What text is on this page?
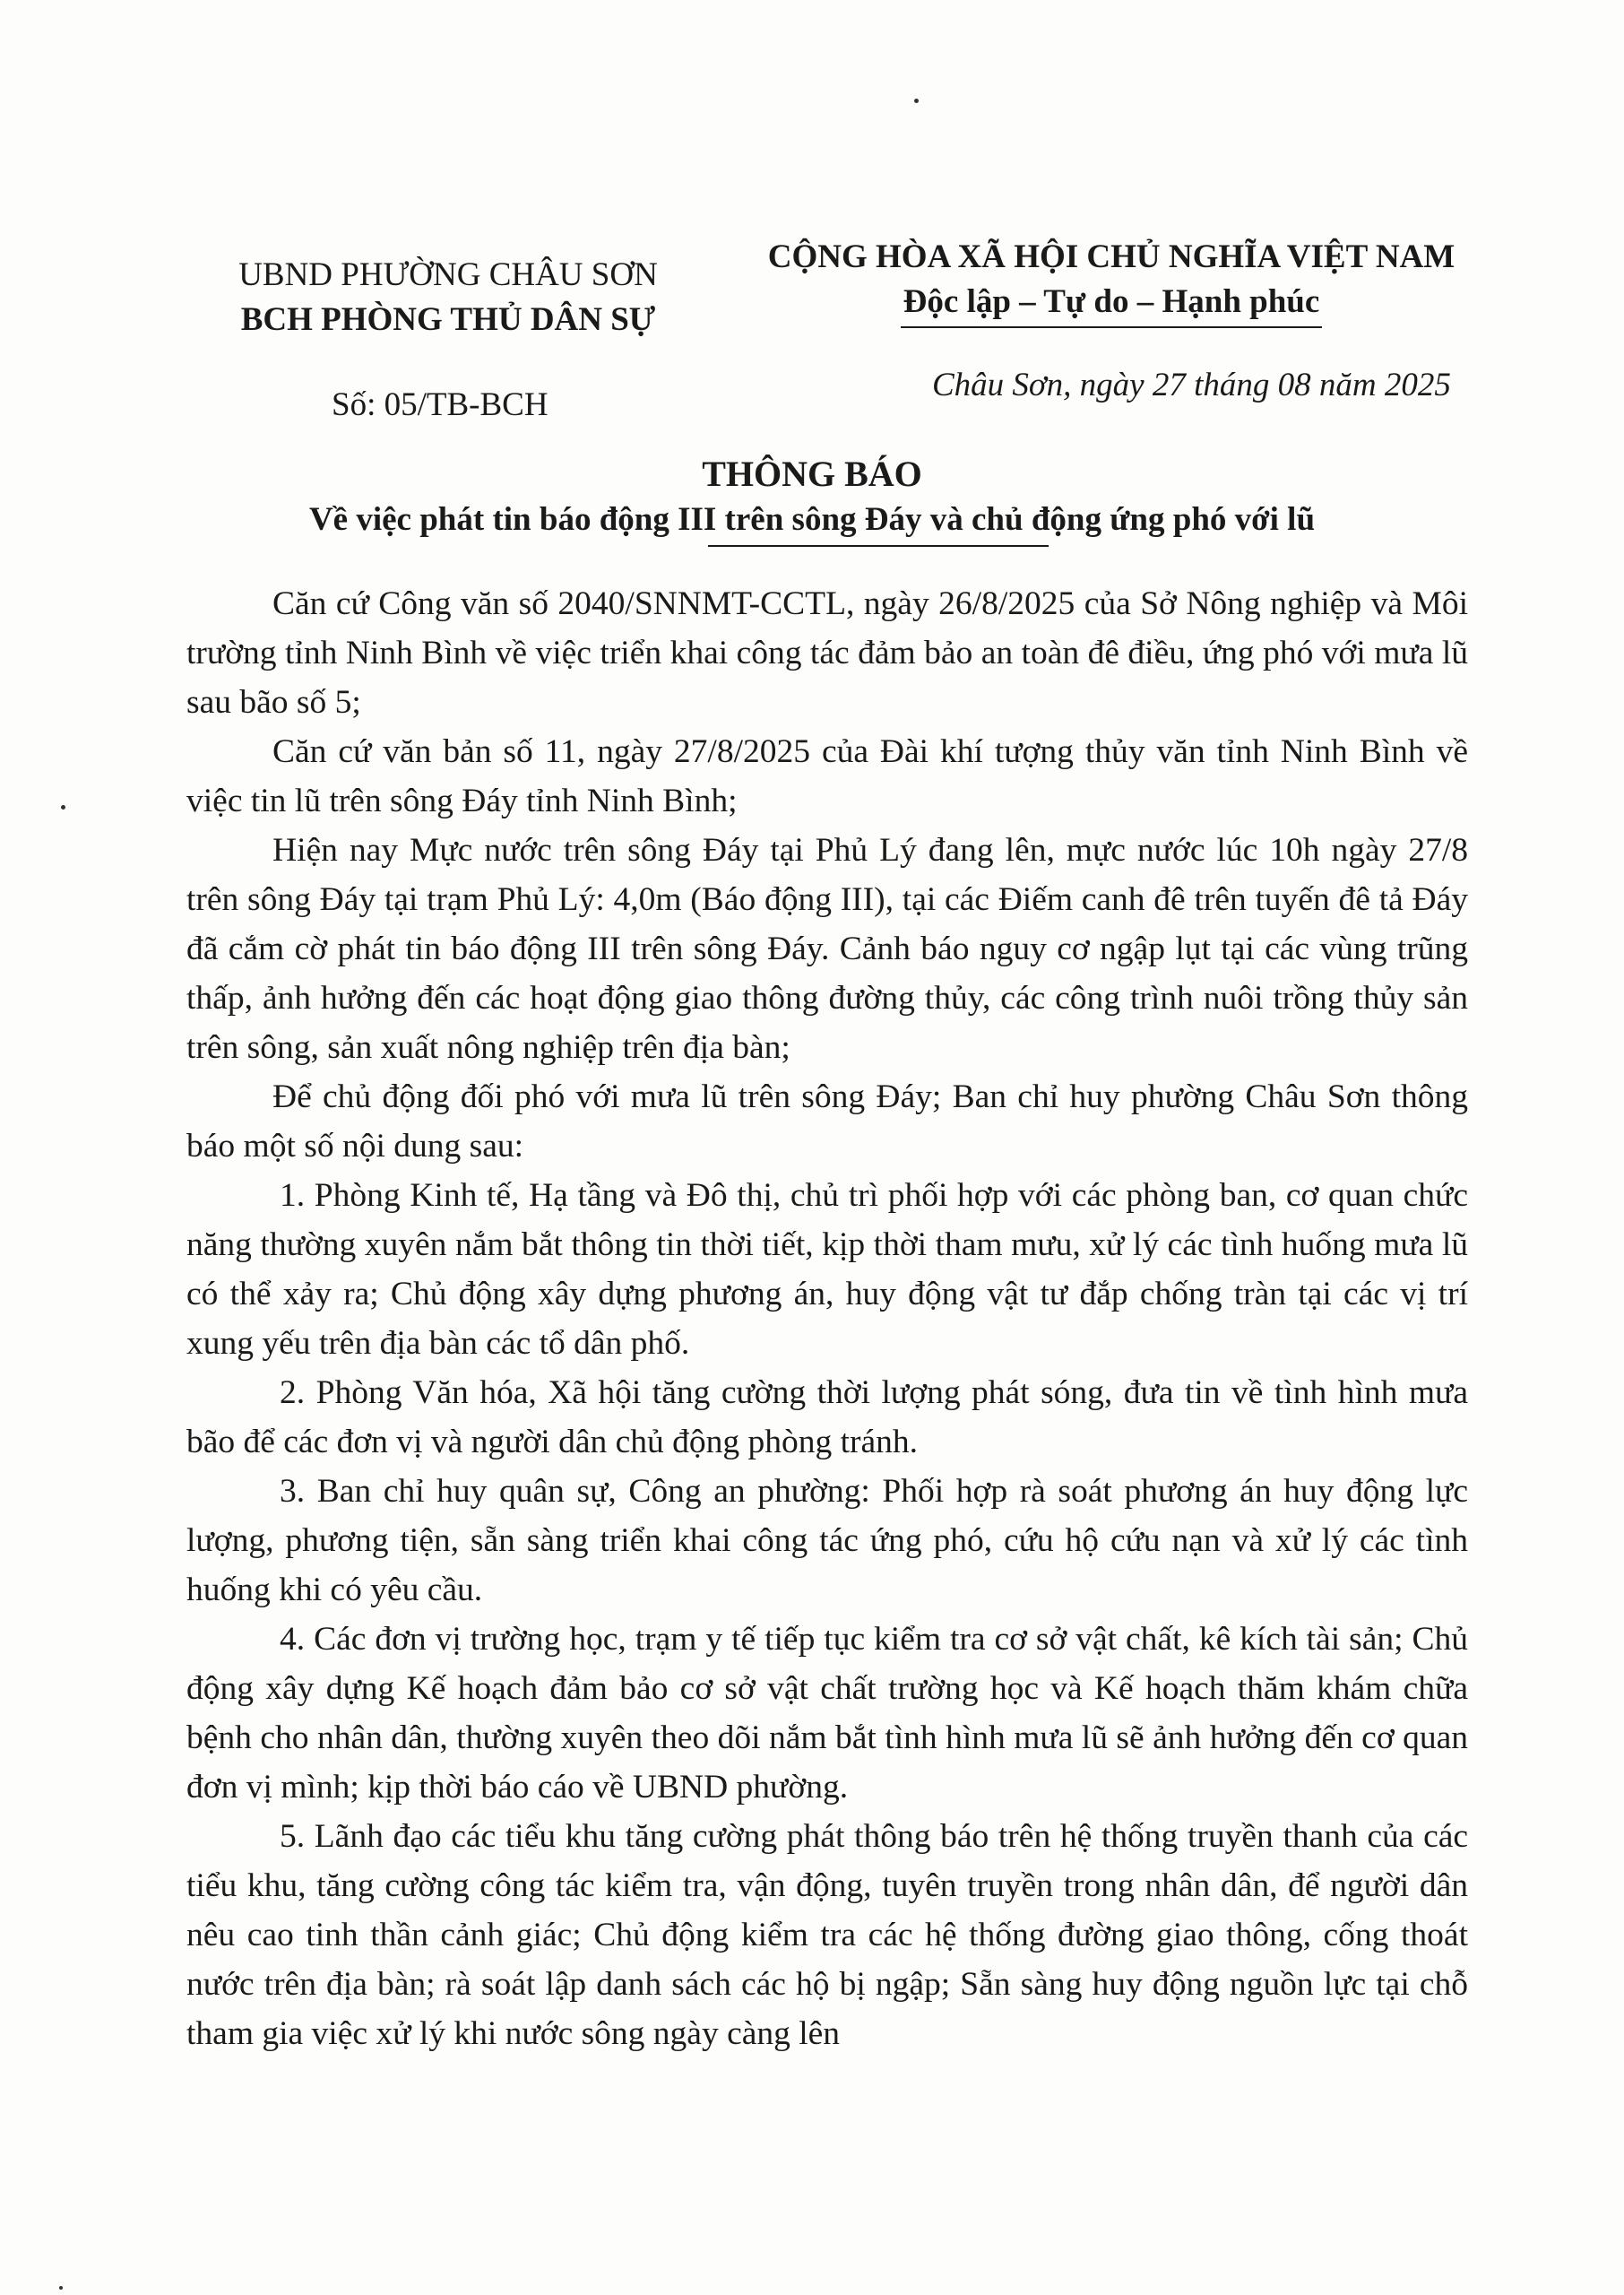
UBND PHƯỜNG CHÂU SƠN
BCH PHÒNG THỦ DÂN SỰ
CỘNG HÒA XÃ HỘI CHỦ NGHĨA VIỆT NAM
Độc lập – Tự do – Hạnh phúc
Số: 05/TB-BCH
Châu Sơn, ngày 27 tháng 08 năm 2025
THÔNG BÁO
Về việc phát tin báo động III trên sông Đáy và chủ động ứng phó với lũ

Căn cứ Công văn số 2040/SNNMT-CCTL, ngày 26/8/2025 của Sở Nông nghiệp và Môi trường tỉnh Ninh Bình về việc triển khai công tác đảm bảo an toàn đê điều, ứng phó với mưa lũ sau bão số 5;

Căn cứ văn bản số 11, ngày 27/8/2025 của Đài khí tượng thủy văn tỉnh Ninh Bình về việc tin lũ trên sông Đáy tỉnh Ninh Bình;

Hiện nay Mực nước trên sông Đáy tại Phủ Lý đang lên, mực nước lúc 10h ngày 27/8 trên sông Đáy tại trạm Phủ Lý: 4,0m (Báo động III), tại các Điếm canh đê trên tuyến đê tả Đáy đã cắm cờ phát tin báo động III trên sông Đáy. Cảnh báo nguy cơ ngập lụt tại các vùng trũng thấp, ảnh hưởng đến các hoạt động giao thông đường thủy, các công trình nuôi trồng thủy sản trên sông, sản xuất nông nghiệp trên địa bàn;

Để chủ động đối phó với mưa lũ trên sông Đáy; Ban chỉ huy phường Châu Sơn thông báo một số nội dung sau:

1. Phòng Kinh tế, Hạ tầng và Đô thị, chủ trì phối hợp với các phòng ban, cơ quan chức năng thường xuyên nắm bắt thông tin thời tiết, kịp thời tham mưu, xử lý các tình huống mưa lũ có thể xảy ra; Chủ động xây dựng phương án, huy động vật tư đắp chống tràn tại các vị trí xung yếu trên địa bàn các tổ dân phố.

2. Phòng Văn hóa, Xã hội tăng cường thời lượng phát sóng, đưa tin về tình hình mưa bão để các đơn vị và người dân chủ động phòng tránh.

3. Ban chỉ huy quân sự, Công an phường: Phối hợp rà soát phương án huy động lực lượng, phương tiện, sẵn sàng triển khai công tác ứng phó, cứu hộ cứu nạn và xử lý các tình huống khi có yêu cầu.

4. Các đơn vị trường học, trạm y tế tiếp tục kiểm tra cơ sở vật chất, kê kích tài sản; Chủ động xây dựng Kế hoạch đảm bảo cơ sở vật chất trường học và Kế hoạch thăm khám chữa bệnh cho nhân dân, thường xuyên theo dõi nắm bắt tình hình mưa lũ sẽ ảnh hưởng đến cơ quan đơn vị mình; kịp thời báo cáo về UBND phường.

5. Lãnh đạo các tiểu khu tăng cường phát thông báo trên hệ thống truyền thanh của các tiểu khu, tăng cường công tác kiểm tra, vận động, tuyên truyền trong nhân dân, để người dân nêu cao tinh thần cảnh giác; Chủ động kiểm tra các hệ thống đường giao thông, cống thoát nước trên địa bàn; rà soát lập danh sách các hộ bị ngập; Sẵn sàng huy động nguồn lực tại chỗ tham gia việc xử lý khi nước sông ngày càng lên
